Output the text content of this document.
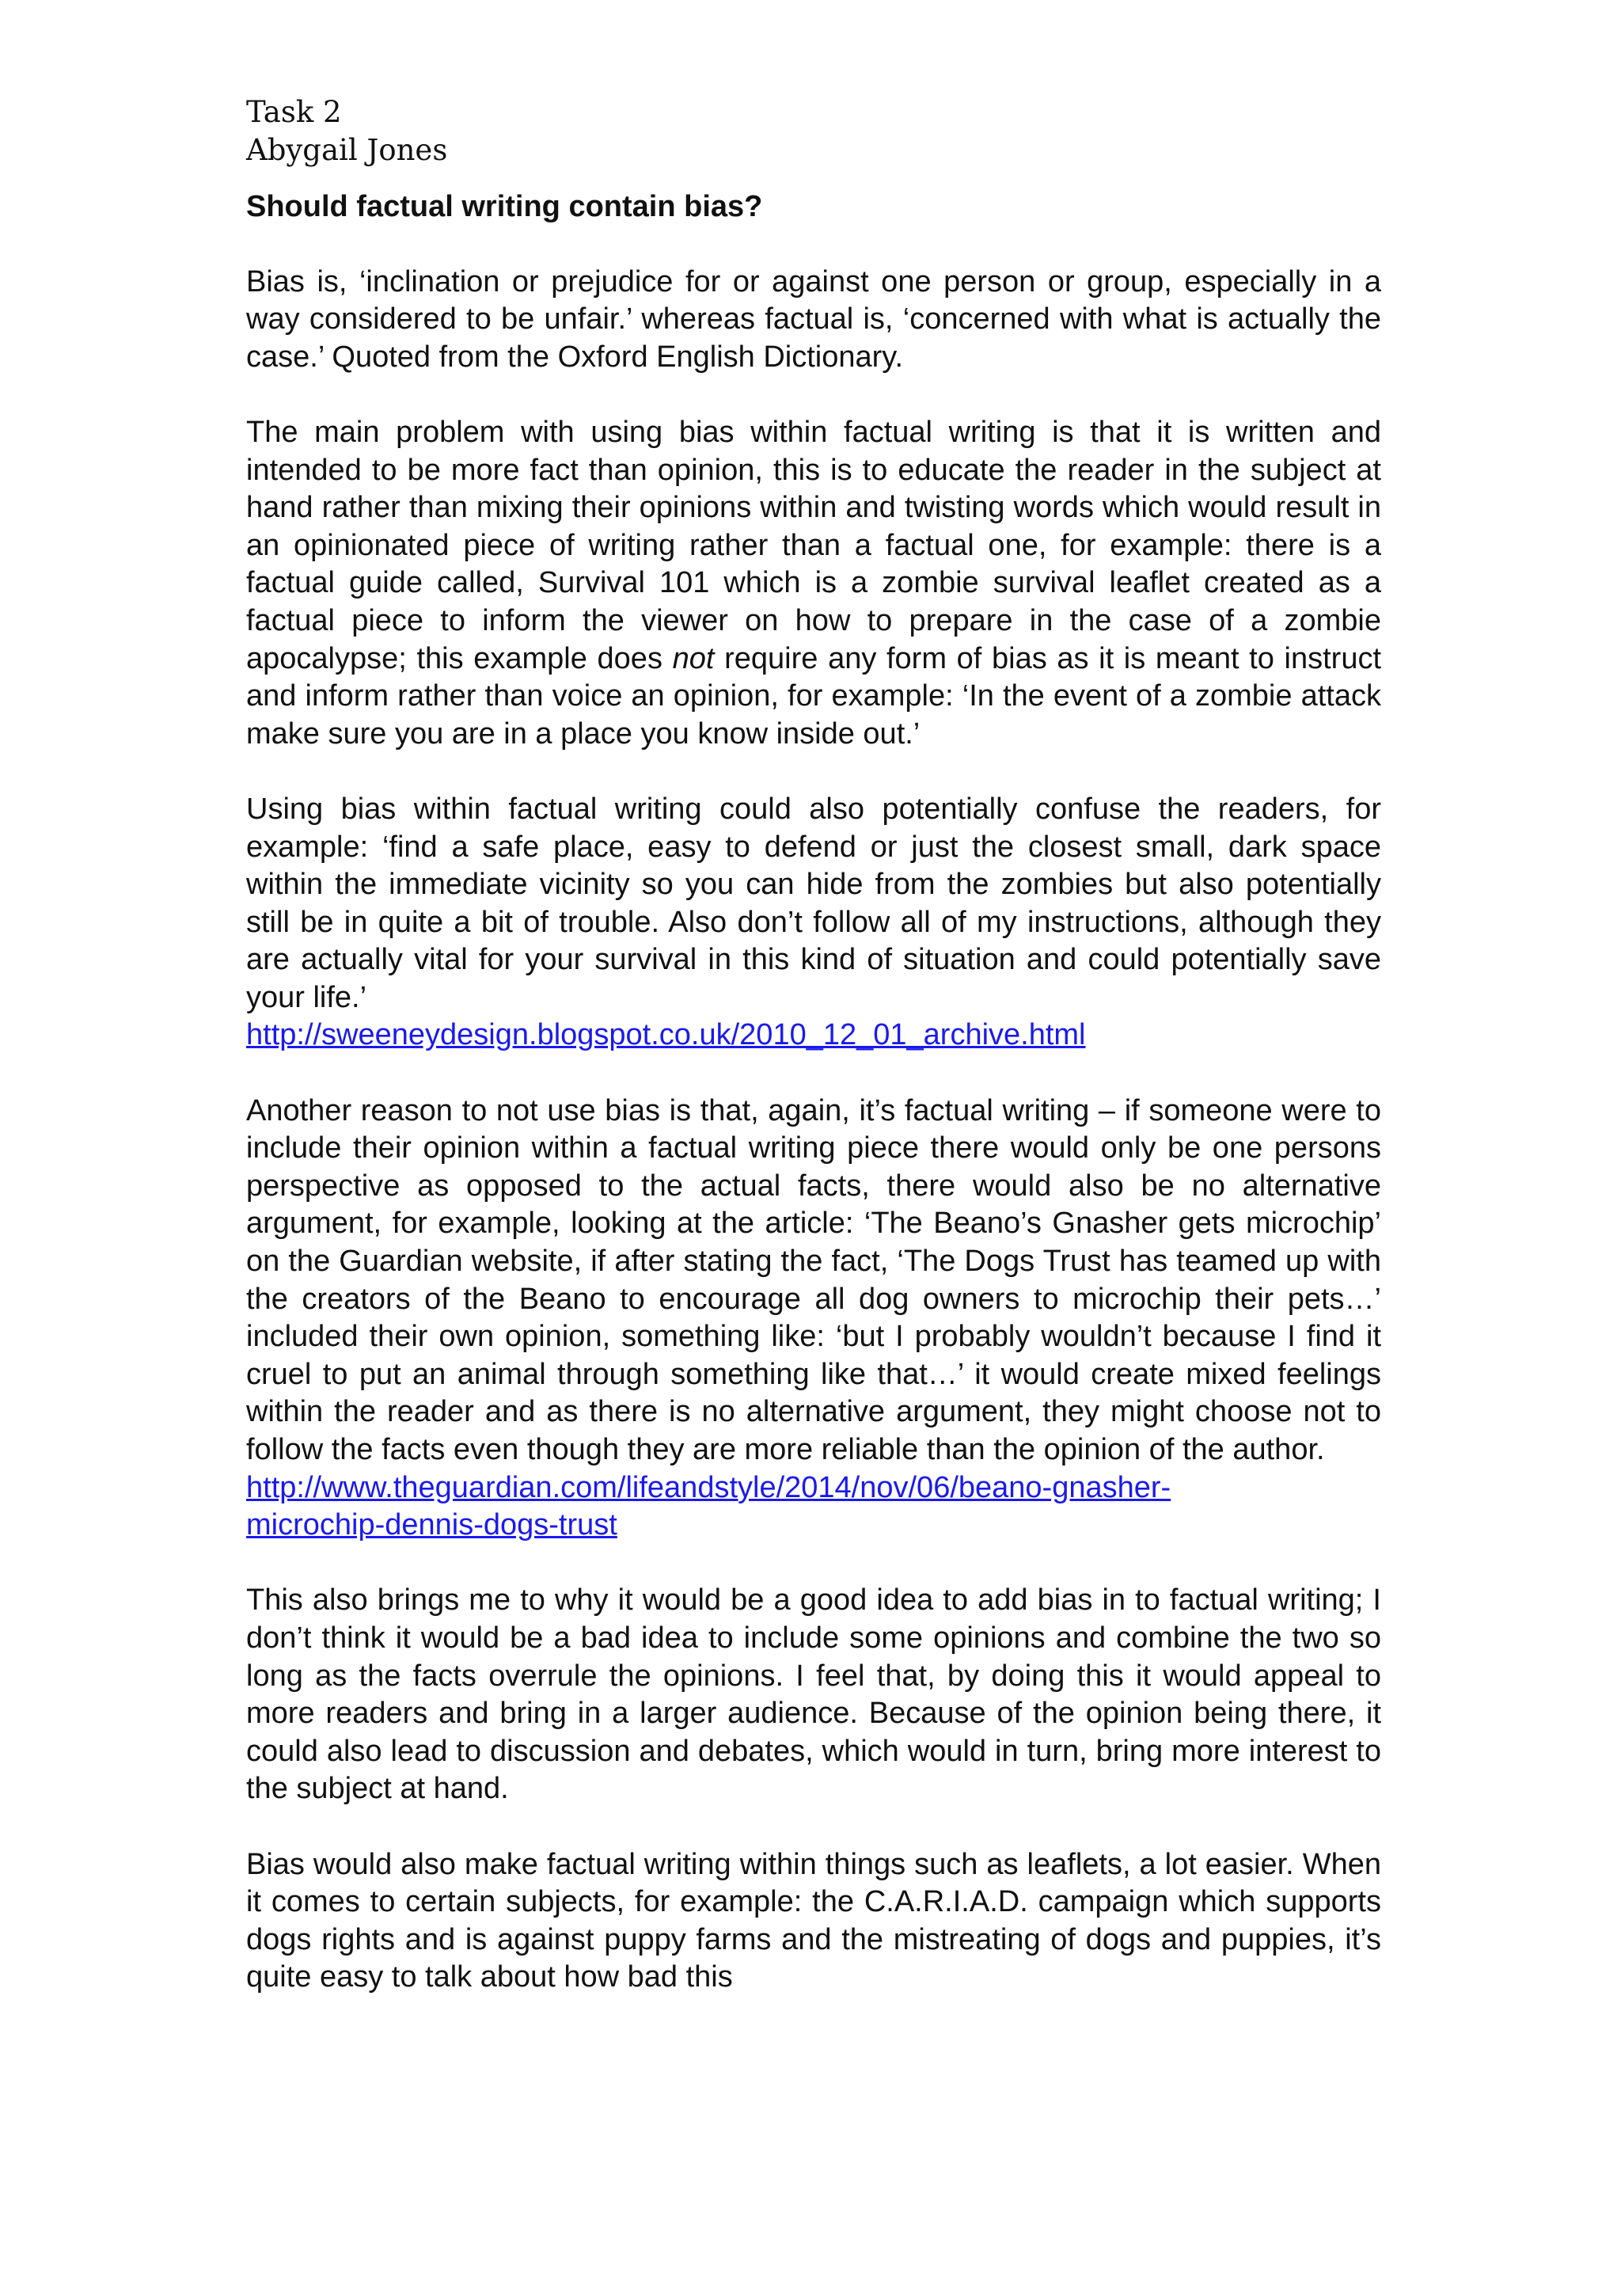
Task 2

Abygail Jones

Should factual writing contain bias?

Bias is, ‘inclination or prejudice for or against one person or group, especially in a way considered to be unfair.’ whereas factual is, ‘concerned with what is actually the case.’ Quoted from the Oxford English Dictionary.

The main problem with using bias within factual writing is that it is written and intended to be more fact than opinion, this is to educate the reader in the subject at hand rather than mixing their opinions within and twisting words which would result in an opinionated piece of writing rather than a factual one, for example: there is a factual guide called, Survival 101 which is a zombie survival leaflet created as a factual piece to inform the viewer on how to prepare in the case of a zombie apocalypse; this example does not require any form of bias as it is meant to instruct and inform rather than voice an opinion, for example: ‘In the event of a zombie attack make sure you are in a place you know inside out.’

Using bias within factual writing could also potentially confuse the readers, for example: ‘find a safe place, easy to defend or just the closest small, dark space within the immediate vicinity so you can hide from the zombies but also potentially still be in quite a bit of trouble. Also don’t follow all of my instructions, although they are actually vital for your survival in this kind of situation and could potentially save your life.’
http://sweeneydesign.blogspot.co.uk/2010_12_01_archive.html

Another reason to not use bias is that, again, it’s factual writing – if someone were to include their opinion within a factual writing piece there would only be one persons perspective as opposed to the actual facts, there would also be no alternative argument, for example, looking at the article: ‘The Beano’s Gnasher gets microchip’ on the Guardian website, if after stating the fact, ‘The Dogs Trust has teamed up with the creators of the Beano to encourage all dog owners to microchip their pets…’ included their own opinion, something like: ‘but I probably wouldn’t because I find it cruel to put an animal through something like that…’ it would create mixed feelings within the reader and as there is no alternative argument, they might choose not to follow the facts even though they are more reliable than the opinion of the author.
http://www.theguardian.com/lifeandstyle/2014/nov/06/beano-gnasher-
microchip-dennis-dogs-trust

This also brings me to why it would be a good idea to add bias in to factual writing; I don’t think it would be a bad idea to include some opinions and combine the two so long as the facts overrule the opinions. I feel that, by doing this it would appeal to more readers and bring in a larger audience. Because of the opinion being there, it could also lead to discussion and debates, which would in turn, bring more interest to the subject at hand.

Bias would also make factual writing within things such as leaflets, a lot easier. When it comes to certain subjects, for example: the C.A.R.I.A.D. campaign which supports dogs rights and is against puppy farms and the mistreating of dogs and puppies, it’s quite easy to talk about how bad this
